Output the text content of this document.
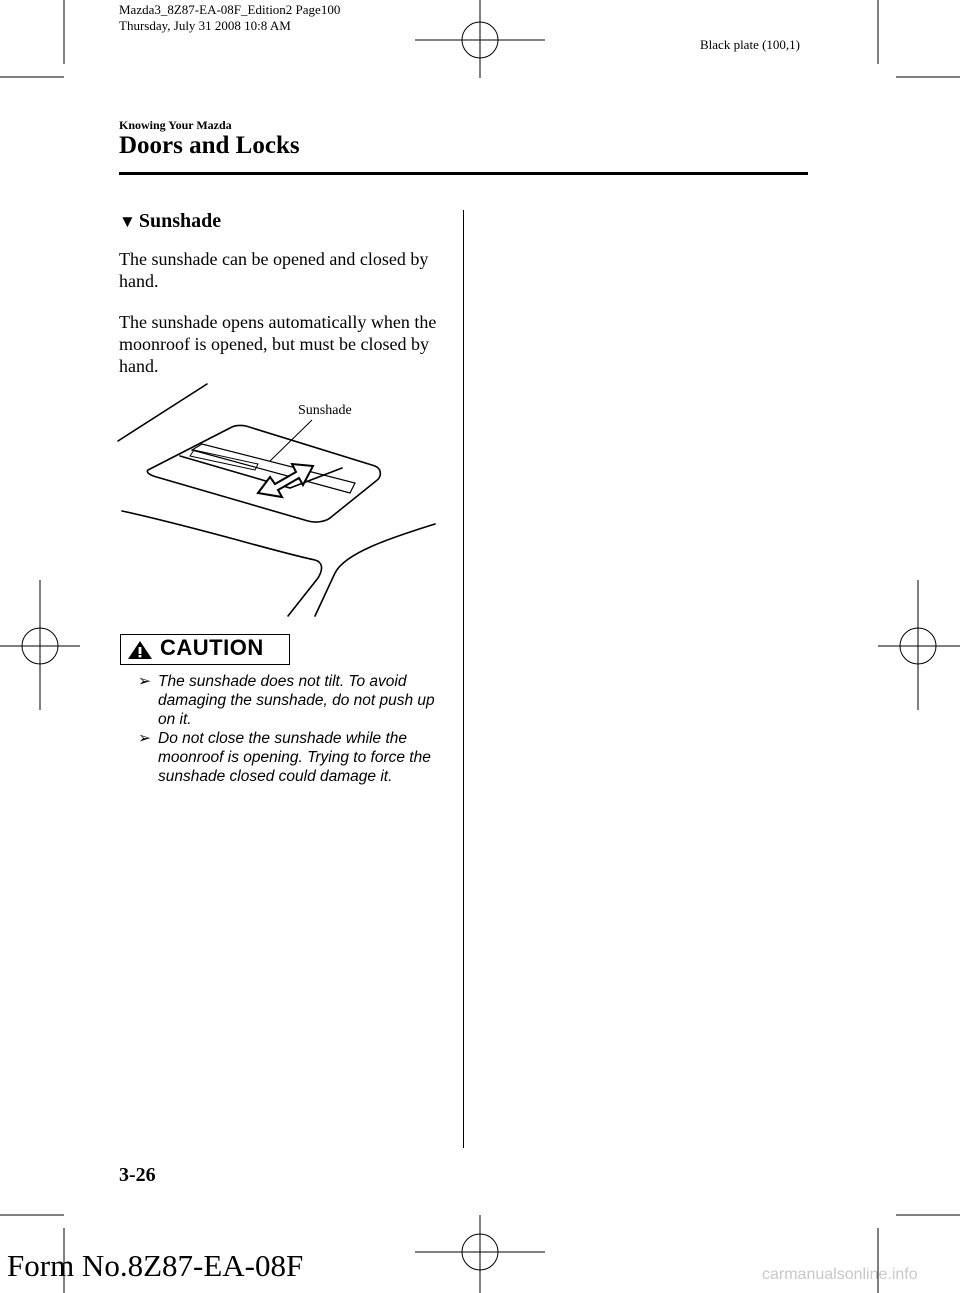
Mazda3_8Z87-EA-08F_Edition2 Page100
Thursday, July 31 2008 10:8 AM
Black plate (100,1)
Knowing Your Mazda
Doors and Locks
▼ Sunshade
The sunshade can be opened and closed by hand.
The sunshade opens automatically when the moonroof is opened, but must be closed by hand.
Sunshade
CAUTION
➢ The sunshade does not tilt. To avoid damaging the sunshade, do not push up on it.
➢ Do not close the sunshade while the moonroof is opening. Trying to force the sunshade closed could damage it.
3-26
Form No.8Z87-EA-08F	carmanualsonline.info
